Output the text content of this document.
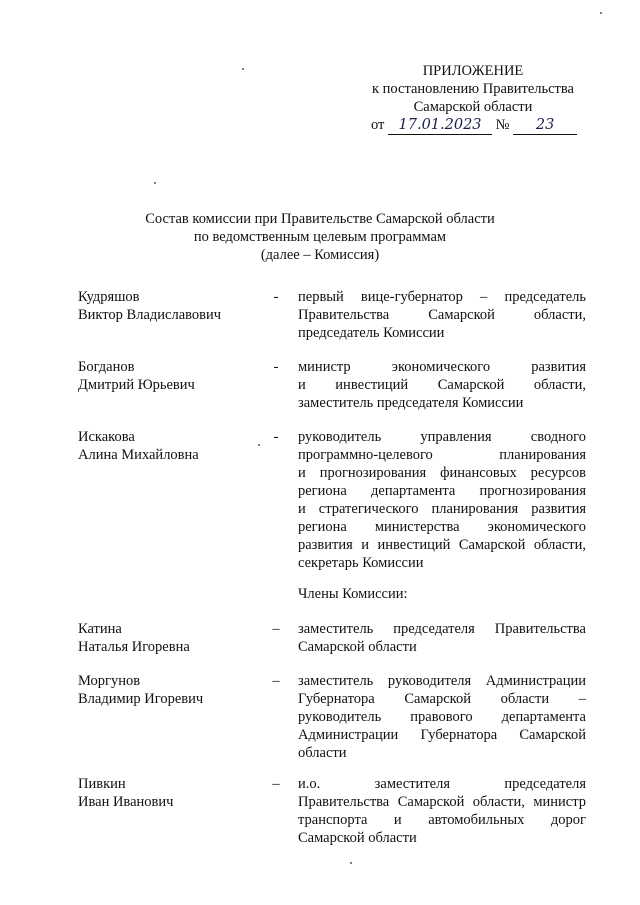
ПРИЛОЖЕНИЕ
к постановлению Правительства
Самарской области
от 17.01.2023 № 23
Состав комиссии при Правительстве Самарской области
по ведомственным целевым программам
(далее – Комиссия)
Кудряшов
Виктор Владиславович
-	первый вице-губернатор – председатель
Правительства Самарской области,
председатель Комиссии
Богданов
Дмитрий Юрьевич
-	министр экономического развития
и инвестиций Самарской области,
заместитель председателя Комиссии
Искакова
Алина Михайловна
-	руководитель управления сводного
программно-целевого планирования
и прогнозирования финансовых ресурсов
региона департамента прогнозирования
и стратегического планирования развития
региона министерства экономического
развития и инвестиций Самарской области,
секретарь Комиссии
Члены Комиссии:
Катина
Наталья Игоревна
–	заместитель председателя Правительства
Самарской области
Моргунов
Владимир Игоревич
–	заместитель руководителя Администрации
Губернатора Самарской области –
руководитель правового департамента
Администрации Губернатора Самарской
области
Пивкин
Иван Иванович
–	и.о. заместителя председателя
Правительства Самарской области, министр
транспорта и автомобильных дорог
Самарской области
